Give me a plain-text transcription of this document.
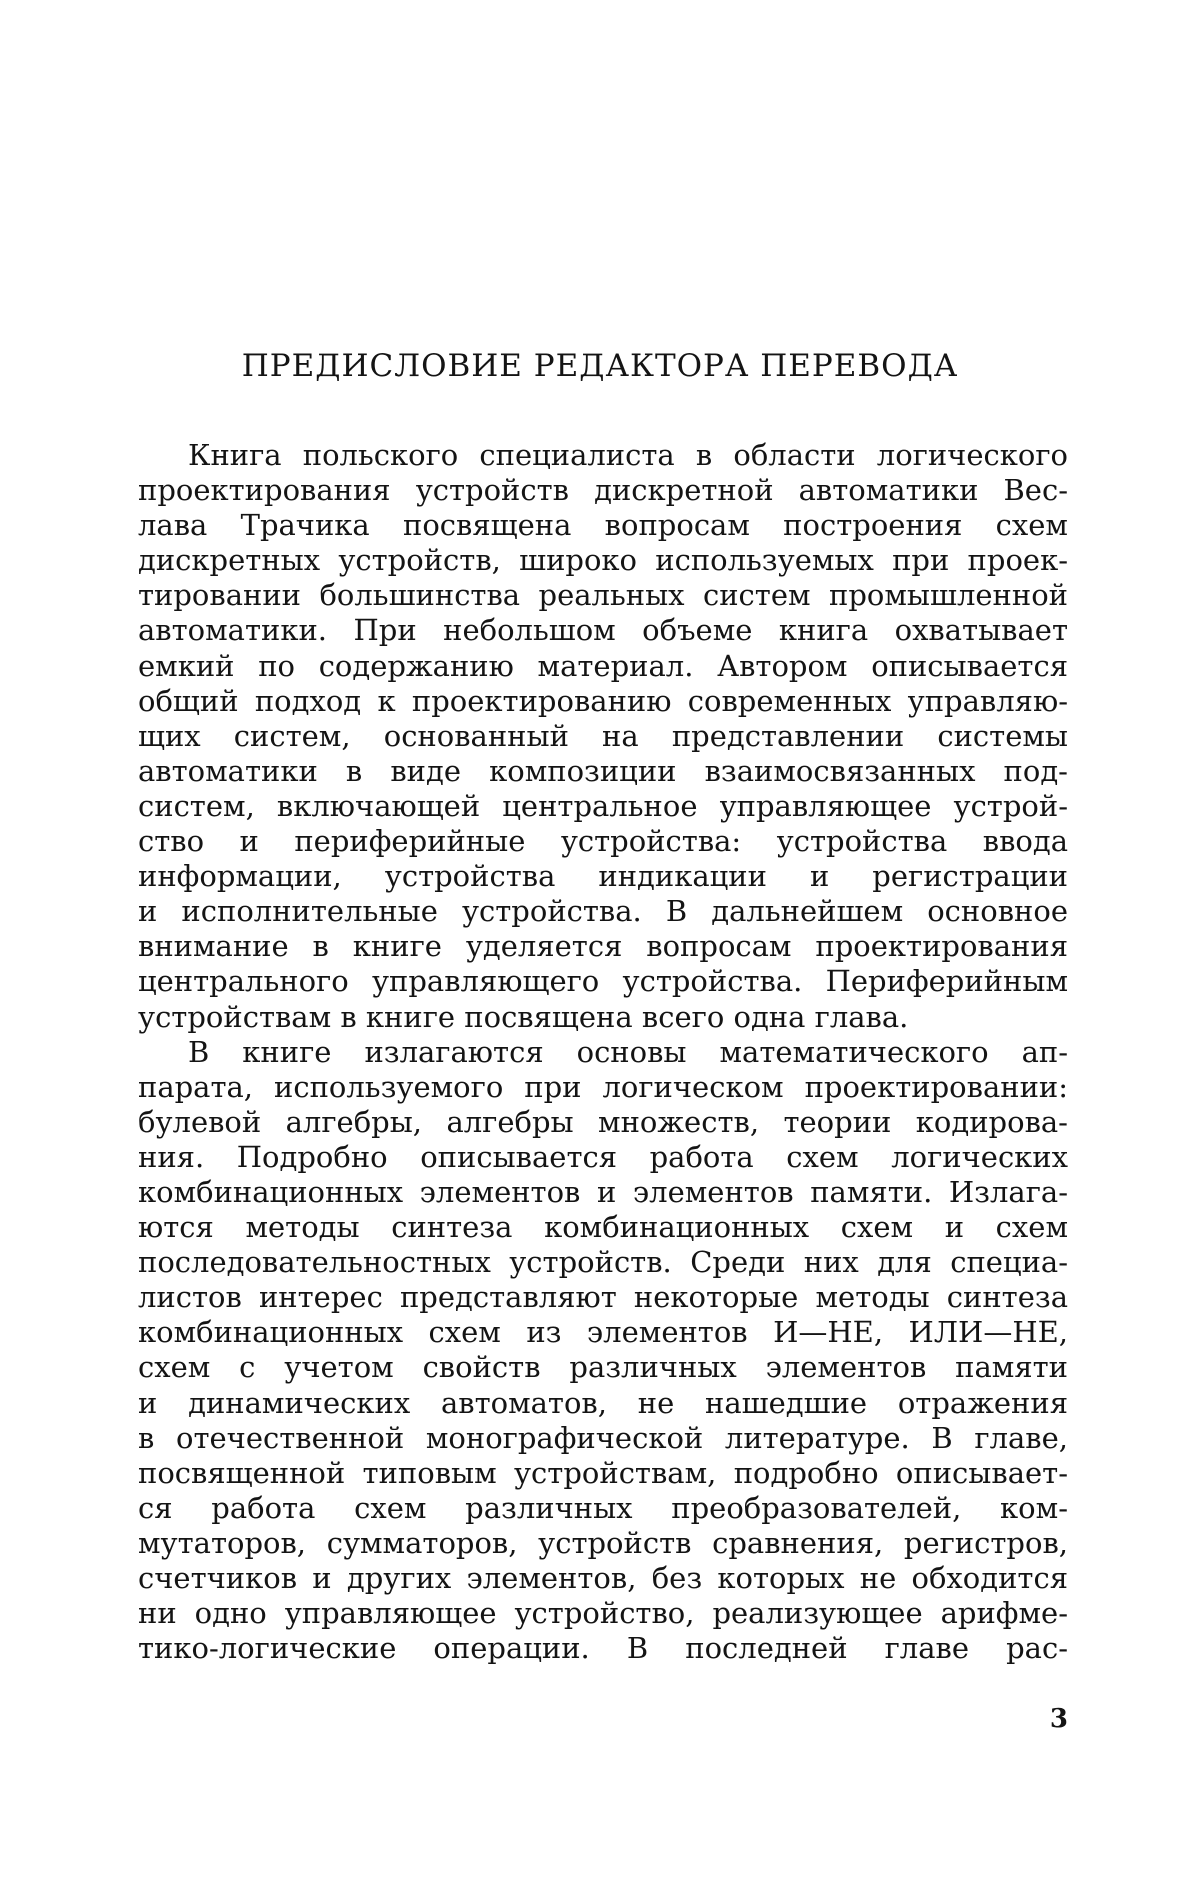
ПРЕДИСЛОВИЕ РЕДАКТОРА ПЕРЕВОДА
Книга польского специалиста в области логического
проектирования устройств дискретной автоматики Вес-
лава Трачика посвящена вопросам построения схем
дискретных устройств, широко используемых при проек-
тировании большинства реальных систем промышленной
автоматики. При небольшом объеме книга охватывает
емкий по содержанию материал. Автором описывается
общий подход к проектированию современных управляю-
щих систем, основанный на представлении системы
автоматики в виде композиции взаимосвязанных под-
систем, включающей центральное управляющее устрой-
ство и периферийные устройства: устройства ввода
информации, устройства индикации и регистрации
и исполнительные устройства. В дальнейшем основное
внимание в книге уделяется вопросам проектирования
центрального управляющего устройства. Периферийным
устройствам в книге посвящена всего одна глава.
В книге излагаются основы математического ап-
парата, используемого при логическом проектировании:
булевой алгебры, алгебры множеств, теории кодирова-
ния. Подробно описывается работа схем логических
комбинационных элементов и элементов памяти. Излага-
ются методы синтеза комбинационных схем и схем
последовательностных устройств. Среди них для специа-
листов интерес представляют некоторые методы синтеза
комбинационных схем из элементов И—НЕ, ИЛИ—НЕ,
схем с учетом свойств различных элементов памяти
и динамических автоматов, не нашедшие отражения
в отечественной монографической литературе. В главе,
посвященной типовым устройствам, подробно описывает-
ся работа схем различных преобразователей, ком-
мутаторов, сумматоров, устройств сравнения, регистров,
счетчиков и других элементов, без которых не обходится
ни одно управляющее устройство, реализующее арифме-
тико-логические операции. В последней главе рас-
3
